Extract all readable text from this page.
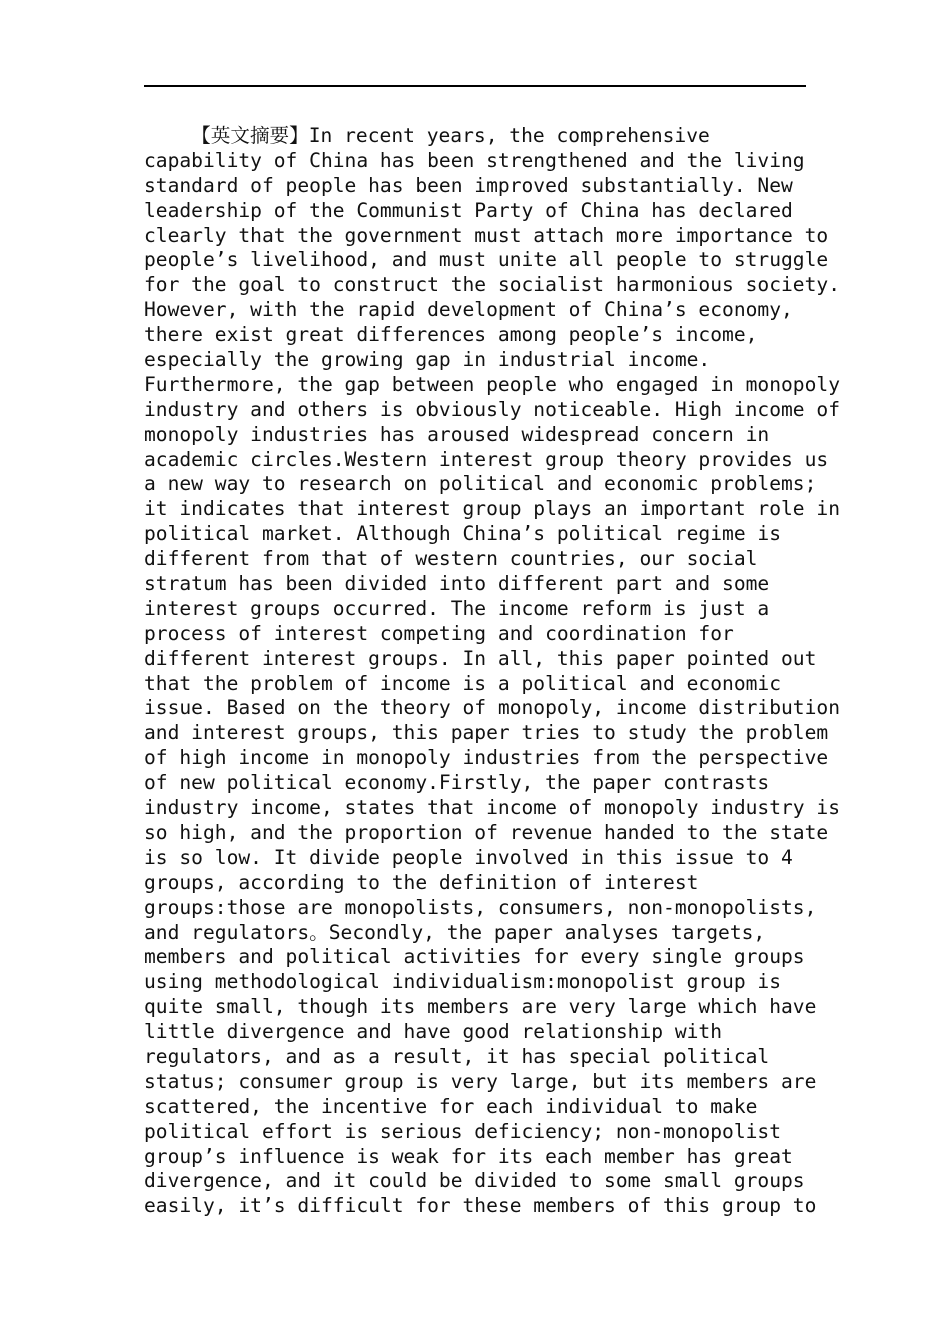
【英文摘要】In recent years, the comprehensive
capability of China has been strengthened and the living
standard of people has been improved substantially. New
leadership of the Communist Party of China has declared
clearly that the government must attach more importance to
people’s livelihood, and must unite all people to struggle
for the goal to construct the socialist harmonious society.
However, with the rapid development of China’s economy,
there exist great differences among people’s income,
especially the growing gap in industrial income.
Furthermore, the gap between people who engaged in monopoly
industry and others is obviously noticeable. High income of
monopoly industries has aroused widespread concern in
academic circles.Western interest group theory provides us
a new way to research on political and economic problems;
it indicates that interest group plays an important role in
political market. Although China’s political regime is
different from that of western countries, our social
stratum has been divided into different part and some
interest groups occurred. The income reform is just a
process of interest competing and coordination for
different interest groups. In all, this paper pointed out
that the problem of income is a political and economic
issue. Based on the theory of monopoly, income distribution
and interest groups, this paper tries to study the problem
of high income in monopoly industries from the perspective
of new political economy.Firstly, the paper contrasts
industry income, states that income of monopoly industry is
so high, and the proportion of revenue handed to the state
is so low. It divide people involved in this issue to 4
groups, according to the definition of interest
groups:those are monopolists, consumers, non-monopolists,
and regulators。Secondly, the paper analyses targets,
members and political activities for every single groups
using methodological individualism:monopolist group is
quite small, though its members are very large which have
little divergence and have good relationship with
regulators, and as a result, it has special political
status; consumer group is very large, but its members are
scattered, the incentive for each individual to make
political effort is serious deficiency; non-monopolist
group’s influence is weak for its each member has great
divergence, and it could be divided to some small groups
easily, it’s difficult for these members of this group to
